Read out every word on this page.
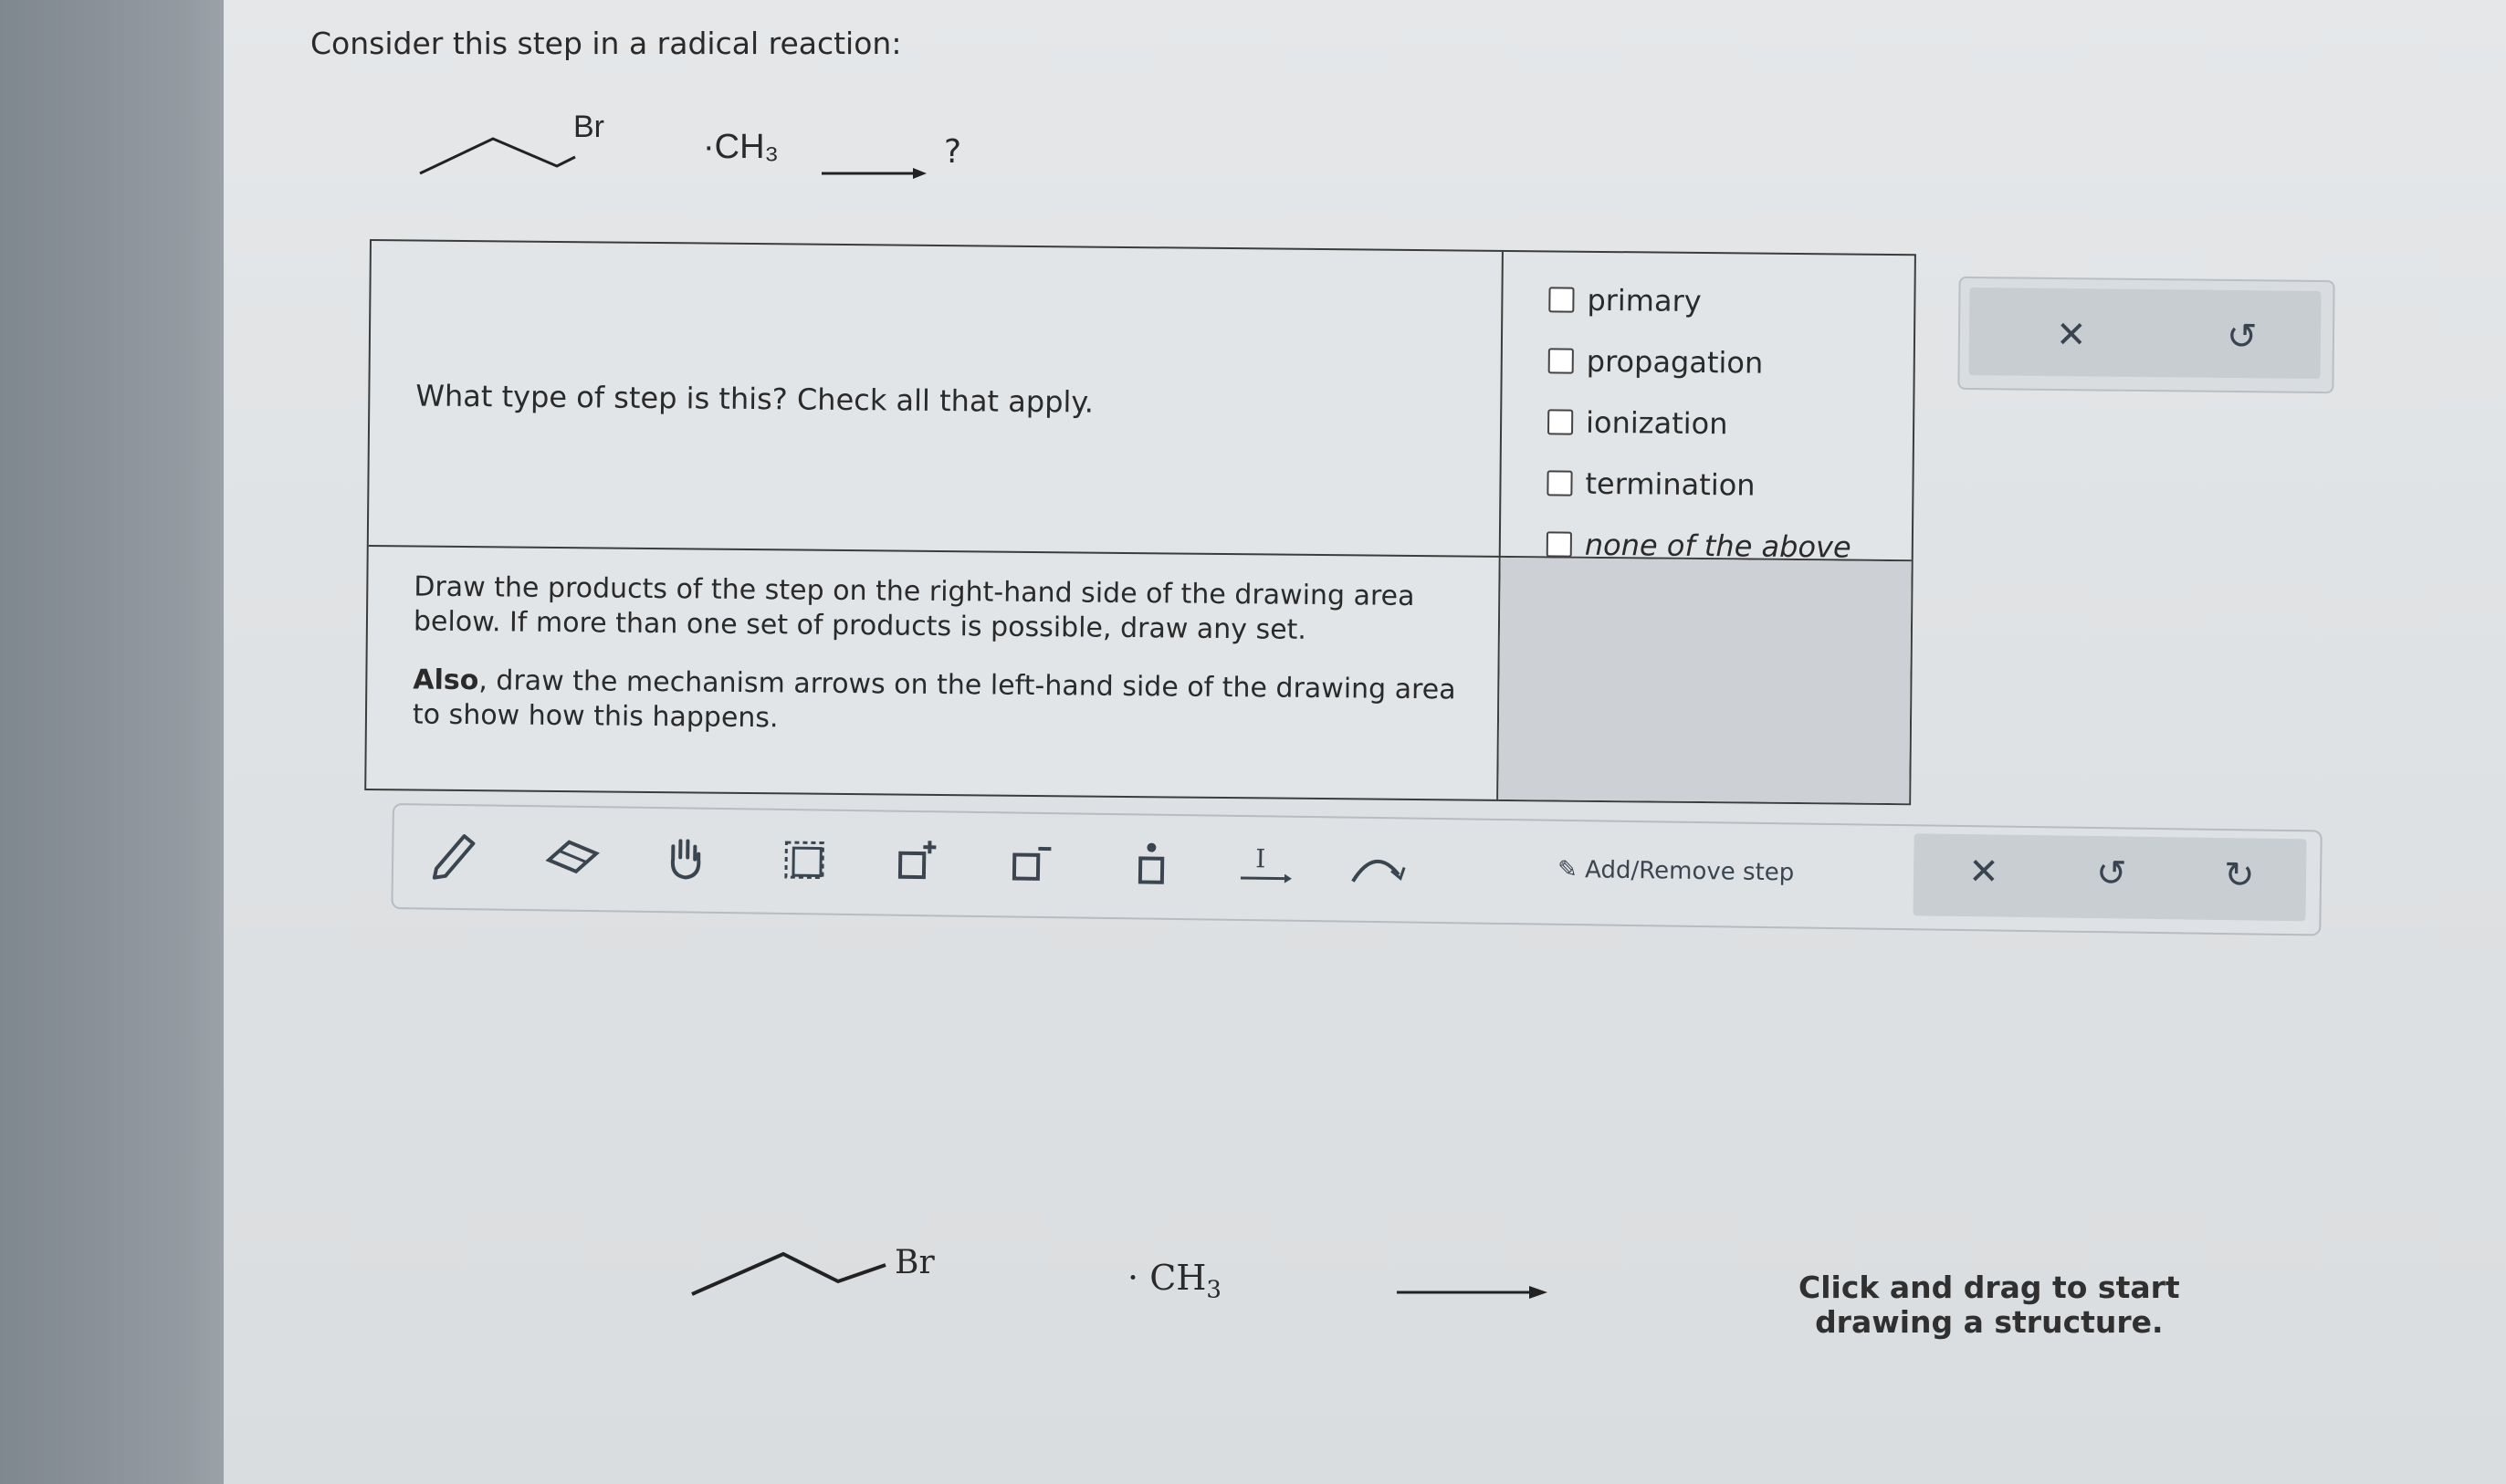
Consider this step in a radical reaction:
Br
·CH₃	?
What type of step is this? Check all that apply.
primary
propagation
ionization
termination
none of the above

Draw the products of the step on the right-hand side of the drawing area below. If more than one set of products is possible, draw any set.

Also, draw the mechanism arrows on the left-hand side of the drawing area to show how this happens.

✕	↺
I	✎ Add/Remove step	✕	↺	↻
Br	· $CH_3$	Click and drag to start
drawing a structure.
